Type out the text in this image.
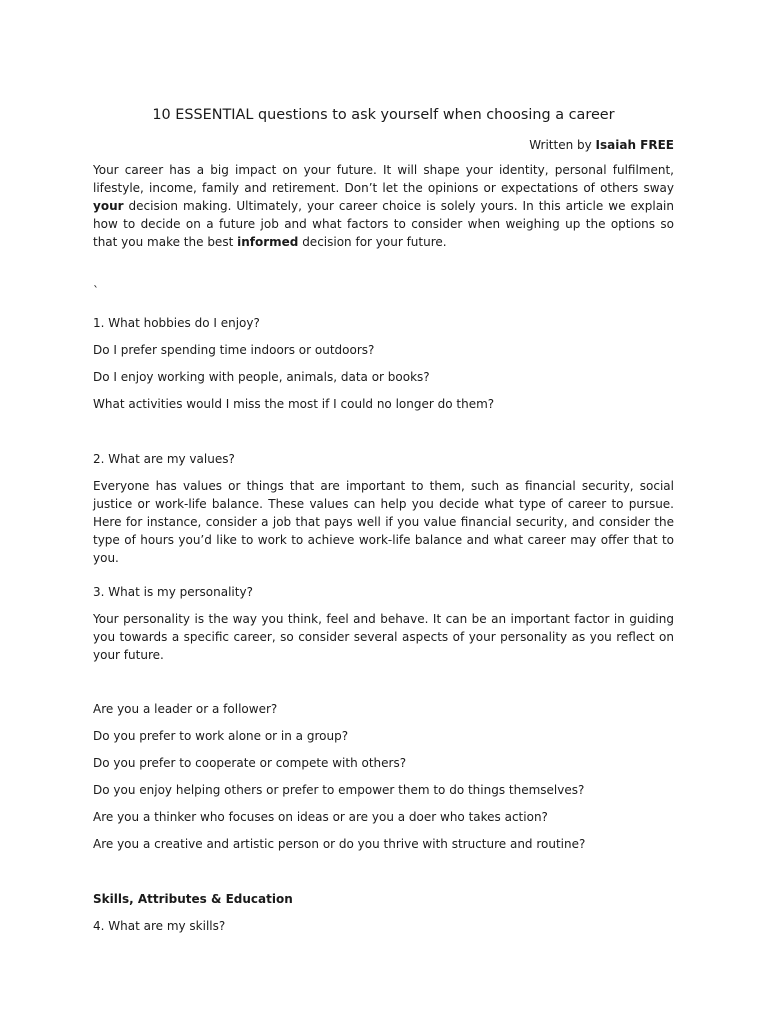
10 ESSENTIAL questions to ask yourself when choosing a career

Written by Isaiah FREE

Your career has a big impact on your future. It will shape your identity, personal fulfilment, lifestyle, income, family and retirement. Don’t let the opinions or expectations of others sway your decision making. Ultimately, your career choice is solely yours. In this article we explain how to decide on a future job and what factors to consider when weighing up the options so that you make the best informed decision for your future.

`

1. What hobbies do I enjoy?

Do I prefer spending time indoors or outdoors?

Do I enjoy working with people, animals, data or books?

What activities would I miss the most if I could no longer do them?

2. What are my values?

Everyone has values or things that are important to them, such as financial security, social justice or work-life balance. These values can help you decide what type of career to pursue. Here for instance, consider a job that pays well if you value financial security, and consider the type of hours you’d like to work to achieve work-life balance and what career may offer that to you.

3. What is my personality?

Your personality is the way you think, feel and behave. It can be an important factor in guiding you towards a specific career, so consider several aspects of your personality as you reflect on your future.

Are you a leader or a follower?

Do you prefer to work alone or in a group?

Do you prefer to cooperate or compete with others?

Do you enjoy helping others or prefer to empower them to do things themselves?

Are you a thinker who focuses on ideas or are you a doer who takes action?

Are you a creative and artistic person or do you thrive with structure and routine?

Skills, Attributes & Education

4. What are my skills?
